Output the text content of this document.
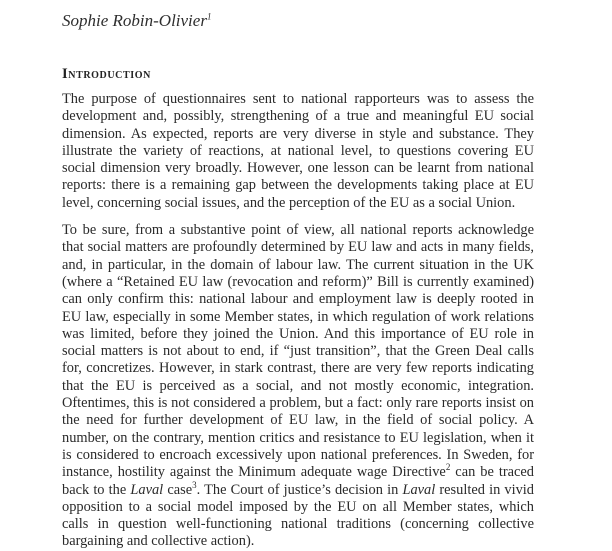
Sophie Robin-Olivier$^1$

Introduction

The purpose of questionnaires sent to national rapporteurs was to assess the development and, possibly, strengthening of a true and meaningful EU social dimension. As expected, reports are very diverse in style and substance. They illustrate the variety of reactions, at national level, to questions covering EU social dimension very broadly. However, one lesson can be learnt from national reports: there is a remaining gap between the developments taking place at EU level, concerning social issues, and the perception of the EU as a social Union.

To be sure, from a substantive point of view, all national reports acknowledge that social matters are profoundly determined by EU law and acts in many fields, and, in particular, in the domain of labour law. The current situation in the UK (where a “Retained EU law (revocation and reform)” Bill is currently examined) can only confirm this: national labour and employment law is deeply rooted in EU law, especially in some Member states, in which regulation of work relations was limited, before they joined the Union. And this importance of EU role in social matters is not about to end, if “just transition”, that the Green Deal calls for, concretizes. However, in stark contrast, there are very few reports indicating that the EU is perceived as a social, and not mostly economic, integration. Oftentimes, this is not considered a problem, but a fact: only rare reports insist on the need for further development of EU law, in the field of social policy. A number, on the contrary, mention critics and resistance to EU legislation, when it is considered to encroach excessively upon national preferences. In Sweden, for instance, hostility against the Minimum adequate wage Directive$^2$ can be traced back to the Laval case$^3$. The Court of justice’s decision in Laval resulted in vivid opposition to a social model imposed by the EU on all Member states, which calls in question well-functioning national traditions (concerning collective bargaining and collective action).
